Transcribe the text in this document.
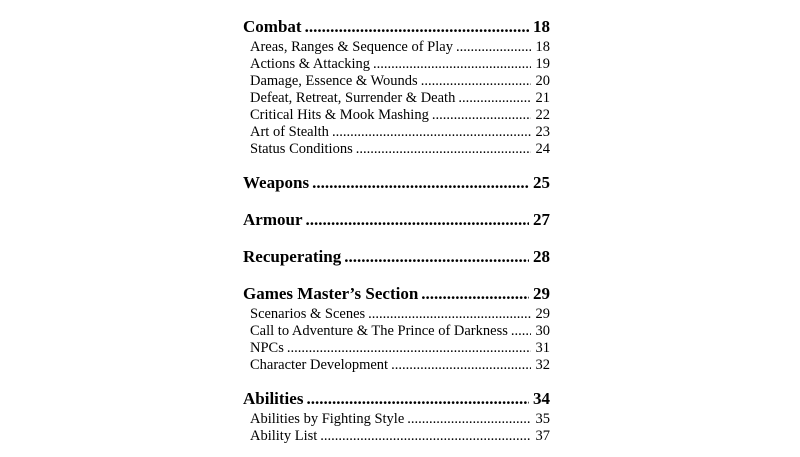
Combat .....	18
Areas, Ranges & Sequence of Play .....	18
Actions & Attacking .....	19
Damage, Essence & Wounds .....	20
Defeat, Retreat, Surrender & Death .....	21
Critical Hits & Mook Mashing .....	22
Art of Stealth .....	23
Status Conditions .....	24
Weapons .....	25
Armour .....	27
Recuperating .....	28
Games Master’s Section .....	29
Scenarios & Scenes .....	29
Call to Adventure & The Prince of Darkness ..... 30
NPCs .....	31
Character Development .....	32
Abilities .....	34
Abilities by Fighting Style .....	35
Ability List .....	37
